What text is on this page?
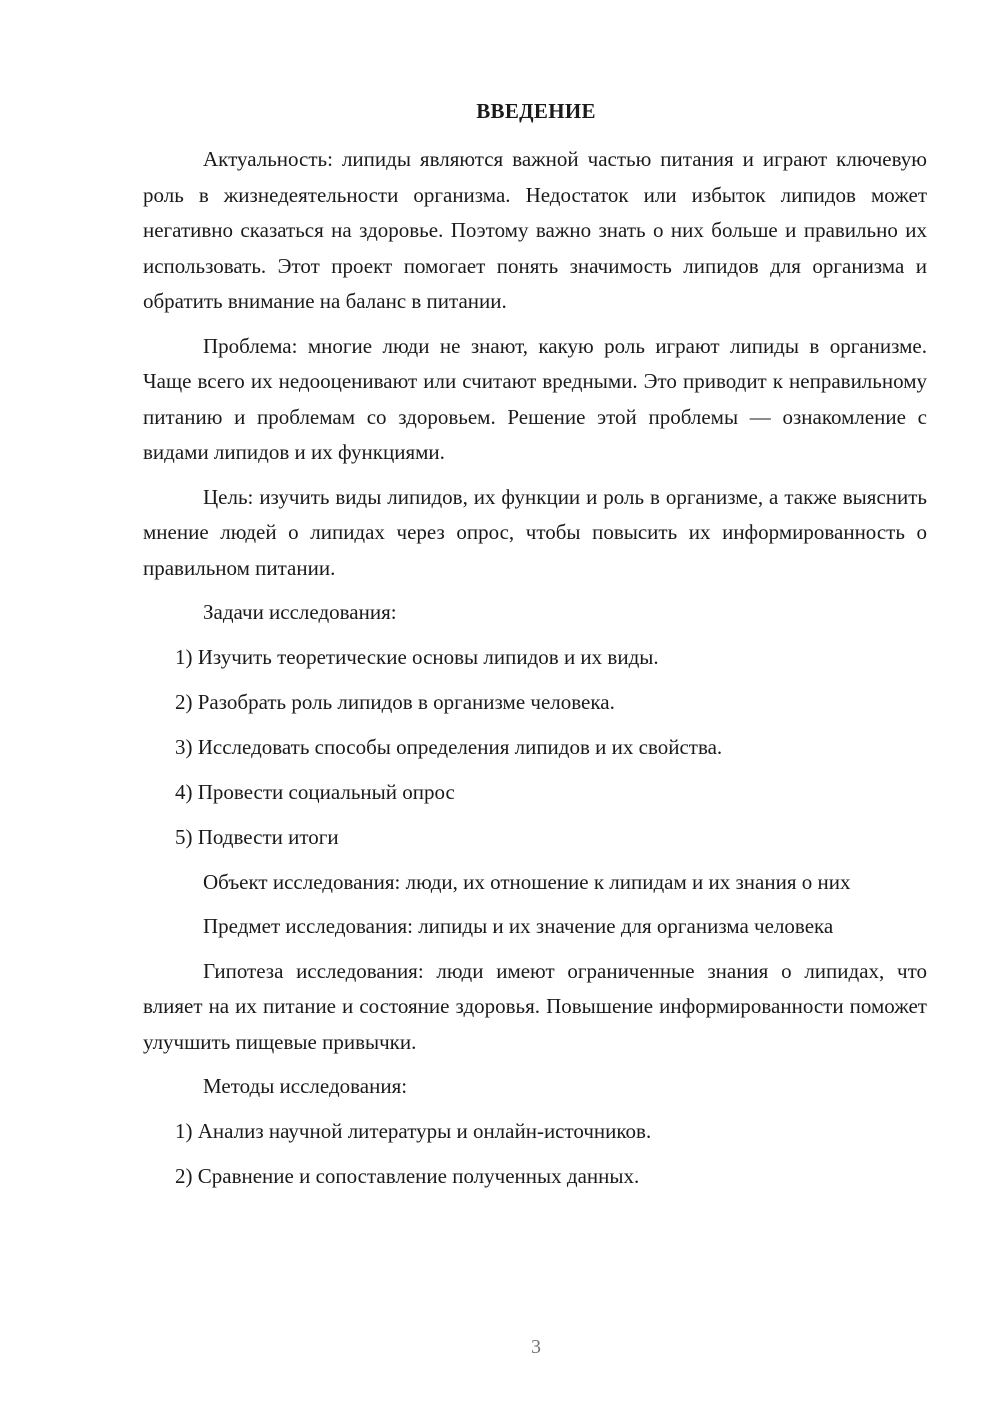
ВВЕДЕНИЕ

Актуальность: липиды являются важной частью питания и играют ключевую роль в жизнедеятельности организма. Недостаток или избыток липидов может негативно сказаться на здоровье. Поэтому важно знать о них больше и правильно их использовать. Этот проект помогает понять значимость липидов для организма и обратить внимание на баланс в питании.

Проблема: многие люди не знают, какую роль играют липиды в организме. Чаще всего их недооценивают или считают вредными. Это приводит к неправильному питанию и проблемам со здоровьем. Решение этой проблемы — ознакомление с видами липидов и их функциями.

Цель: изучить виды липидов, их функции и роль в организме, а также выяснить мнение людей о липидах через опрос, чтобы повысить их информированность о правильном питании.

Задачи исследования:

1) Изучить теоретические основы липидов и их виды.
2) Разобрать роль липидов в организме человека.
3) Исследовать способы определения липидов и их свойства.
4) Провести социальный опрос
5) Подвести итоги

Объект исследования: люди, их отношение к липидам и их знания о них

Предмет исследования: липиды и их значение для организма человека

Гипотеза исследования: люди имеют ограниченные знания о липидах, что влияет на их питание и состояние здоровья. Повышение информированности поможет улучшить пищевые привычки.

Методы исследования:

1) Анализ научной литературы и онлайн-источников.
2) Сравнение и сопоставление полученных данных.
3
